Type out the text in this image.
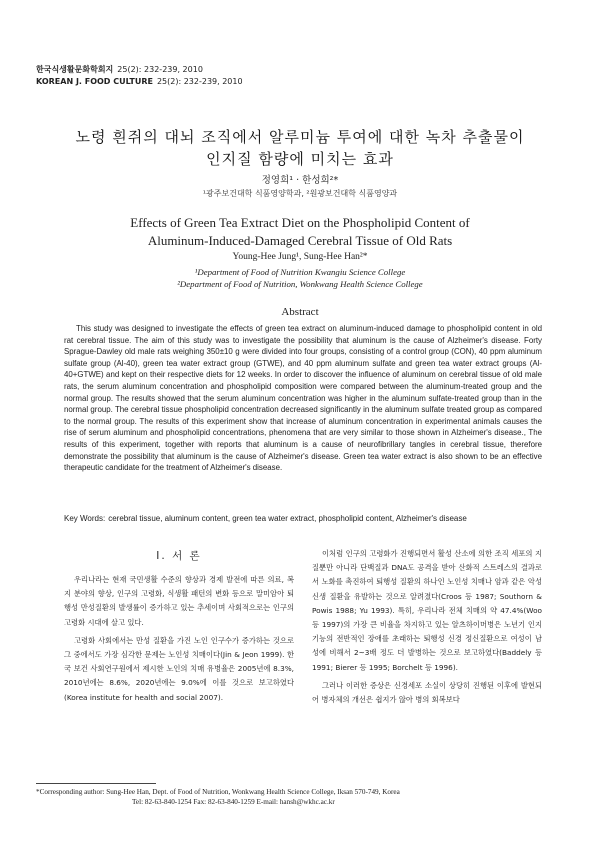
한국식생활문화학회지 25(2): 232-239, 2010
KOREAN J. FOOD CULTURE 25(2): 232-239, 2010
노령 흰쥐의 대뇌 조직에서 알루미늄 투여에 대한 녹차 추출물이
인지질 함량에 미치는 효과
정영희¹ · 한성희²*
¹광주보건대학 식품영양학과, ²원광보건대학 식품영양과
Effects of Green Tea Extract Diet on the Phospholipid Content of
Aluminum-Induced-Damaged Cerebral Tissue of Old Rats
Young-Hee Jung¹, Sung-Hee Han²*
¹Department of Food of Nutrition Kwangiu Science College
²Department of Food of Nutrition, Wonkwang Health Science College
Abstract
This study was designed to investigate the effects of green tea extract on aluminum-induced damage to phospholipid content in old rat cerebral tissue. The aim of this study was to investigate the possibility that aluminum is the cause of Alzheimer's disease. Forty Sprague-Dawley old male rats weighing 350±10 g were divided into four groups, consisting of a control group (CON), 40 ppm aluminum sulfate group (Al-40), green tea water extract group (GTWE), and 40 ppm aluminum sulfate and green tea water extract groups (Al-40+GTWE) and kept on their respective diets for 12 weeks. In order to discover the influence of aluminum on cerebral tissue of old male rats, the serum aluminum concentration and phospholipid composition were compared between the aluminum-treated group and the normal group. The results showed that the serum aluminum concentration was higher in the aluminum sulfate-treated group than in the normal group. The cerebral tissue phospholipid concentration decreased significantly in the aluminum sulfate treated group as compared to the normal group. The results of this experiment show that increase of aluminum concentration in experimental animals causes the rise of serum aluminum and phospholipid concentrations, phenomena that are very similar to those shown in Alzheimer's disease., The results of this experiment, together with reports that aluminum is a cause of neurofibrillary tangles in cerebral tissue, therefore demonstrate the possibility that aluminum is the cause of Alzheimer's disease. Green tea water extract is also shown to be an effective therapeutic candidate for the treatment of Alzheimer's disease.
Key Words: cerebral tissue, aluminum content, green tea water extract, phospholipid content, Alzheimer's disease
I. 서 론

우리나라는 현재 국민생활 수준의 향상과 경제 발전에 따른 의료, 복지 분야의 향상, 인구의 고령화, 식생활 패턴의 변화 등으로 말미암아 퇴행성 만성질환의 발생률이 증가하고 있는 추세이며 사회적으로는 인구의 고령화 시대에 살고 있다.

고령화 사회에서는 만성 질환을 가진 노인 인구수가 증가하는 것으로 그 중에서도 가장 심각한 문제는 노인성 치매이다(Jin & Jeon 1999). 한국 보건 사회연구원에서 제시한 노인의 치매 유병율은 2005년에 8.3%, 2010년에는 8.6%, 2020년에는 9.0%에 이를 것으로 보고하였다(Korea institute for health and social 2007).

이처럼 인구의 고령화가 진행되면서 활성 산소에 의한 조직 세포의 지질뿐만 아니라 단백질과 DNA도 공격을 받아 산화적 스트레스의 결과로서 노화를 촉진하여 퇴행성 질환의 하나인 노인성 치매나 암과 같은 악성 신생 질환을 유발하는 것으로 알려졌다(Croos 등 1987; Southorn & Powis 1988; Yu 1993). 특히, 우리나라 전체 치매의 약 47.4%(Woo 등 1997)의 가장 큰 비율을 차지하고 있는 알츠하이머병은 노년기 인지 기능의 전반적인 장애를 초래하는 퇴행성 신경 정신질환으로 여성이 남성에 비해서 2~3배 정도 더 발병하는 것으로 보고하였다(Baddely 등 1991; Bierer 등 1995; Borchelt 등 1996).

그러나 이러한 증상은 신경세포 소실이 상당히 진행된 이후에 발현되어 병자체의 개선은 쉽지가 않아 병의 회복보다

*Corresponding author: Sung-Hee Han, Dept. of Food of Nutrition, Wonkwang Health Science College, Iksan 570-749, Korea
Tel: 82-63-840-1254 Fax: 82-63-840-1259 E-mail: hansh@wkhc.ac.kr
